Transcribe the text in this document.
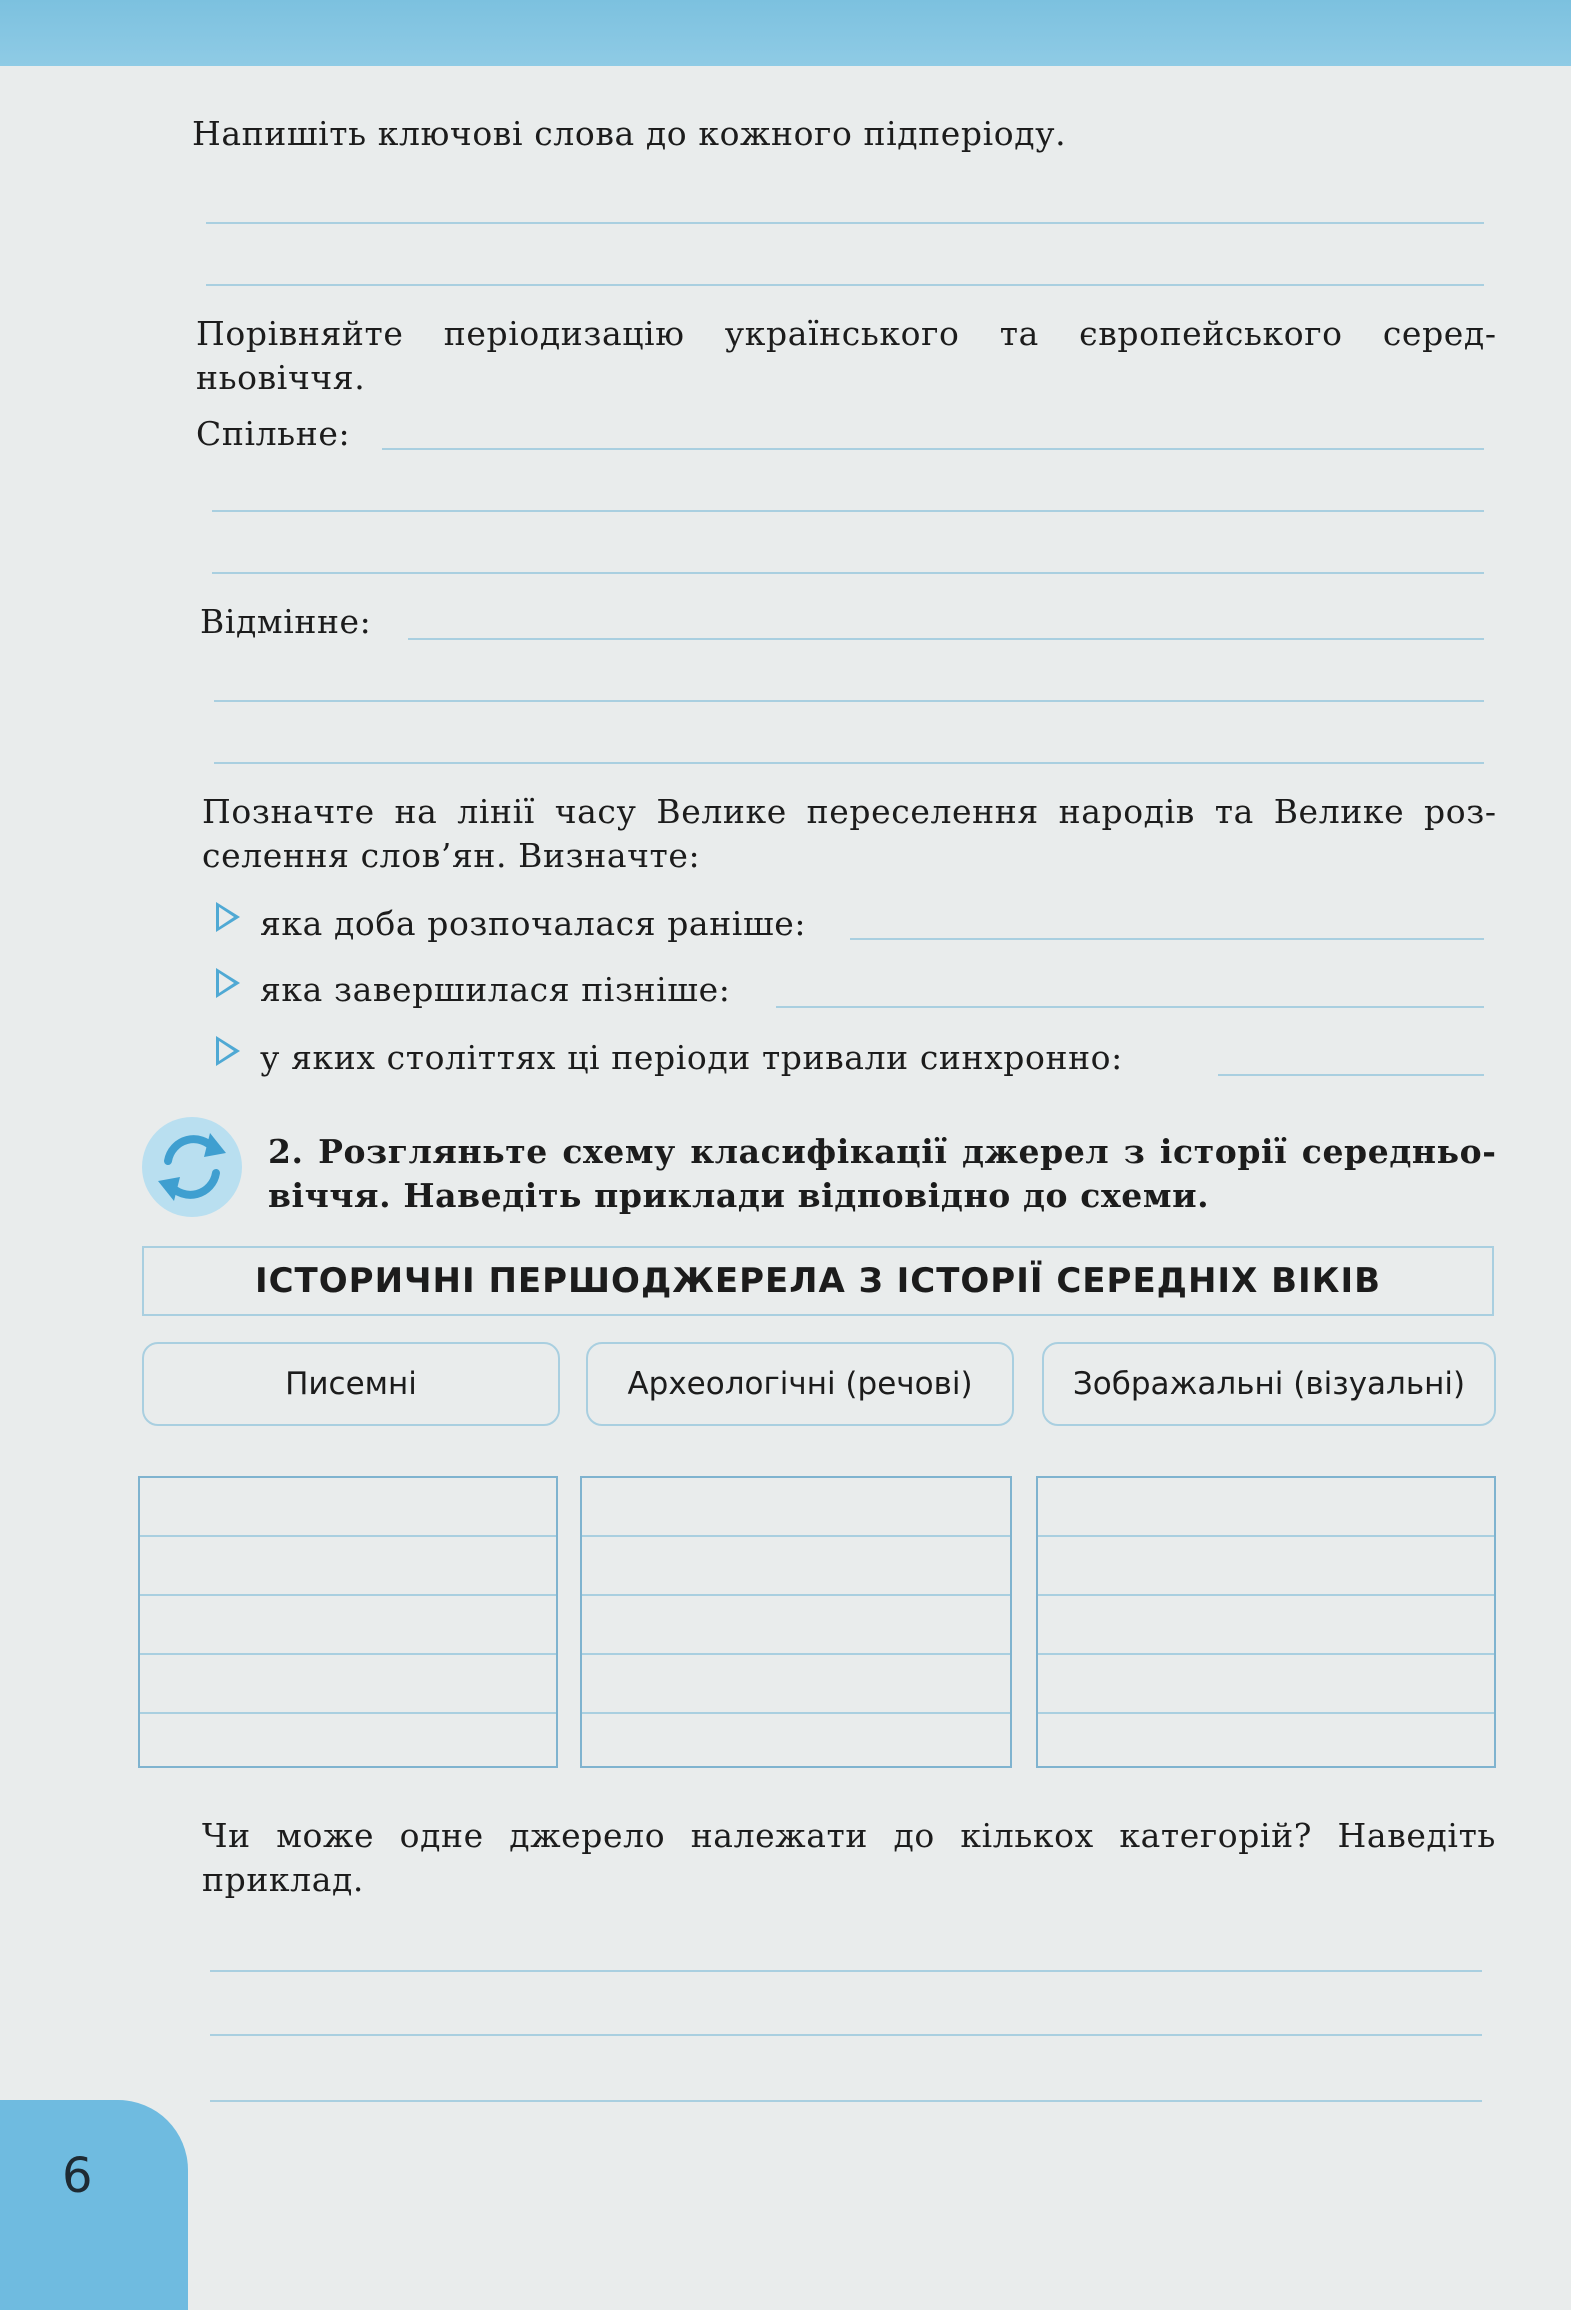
Напишіть ключові слова до кожного підперіоду.
Порівняйте періодизацію українського та європейського середньовіччя.
Спільне:
Відмінне:
Позначте на лінії часу Велике переселення народів та Велике розселення слов’ян. Визначте:
яка доба розпочалася раніше:
яка завершилася пізніше:
у яких століттях ці періоди тривали синхронно:
2. Розгляньте схему класифікації джерел з історії середньовіччя. Наведіть приклади відповідно до схеми.
ІСТОРИЧНІ ПЕРШОДЖЕРЕЛА З ІСТОРІЇ СЕРЕДНІХ ВІКІВ
Писемні	Археологічні (речові)	Зображальні (візуальні)
Чи може одне джерело належати до кількох категорій? Наведіть приклад.
6
